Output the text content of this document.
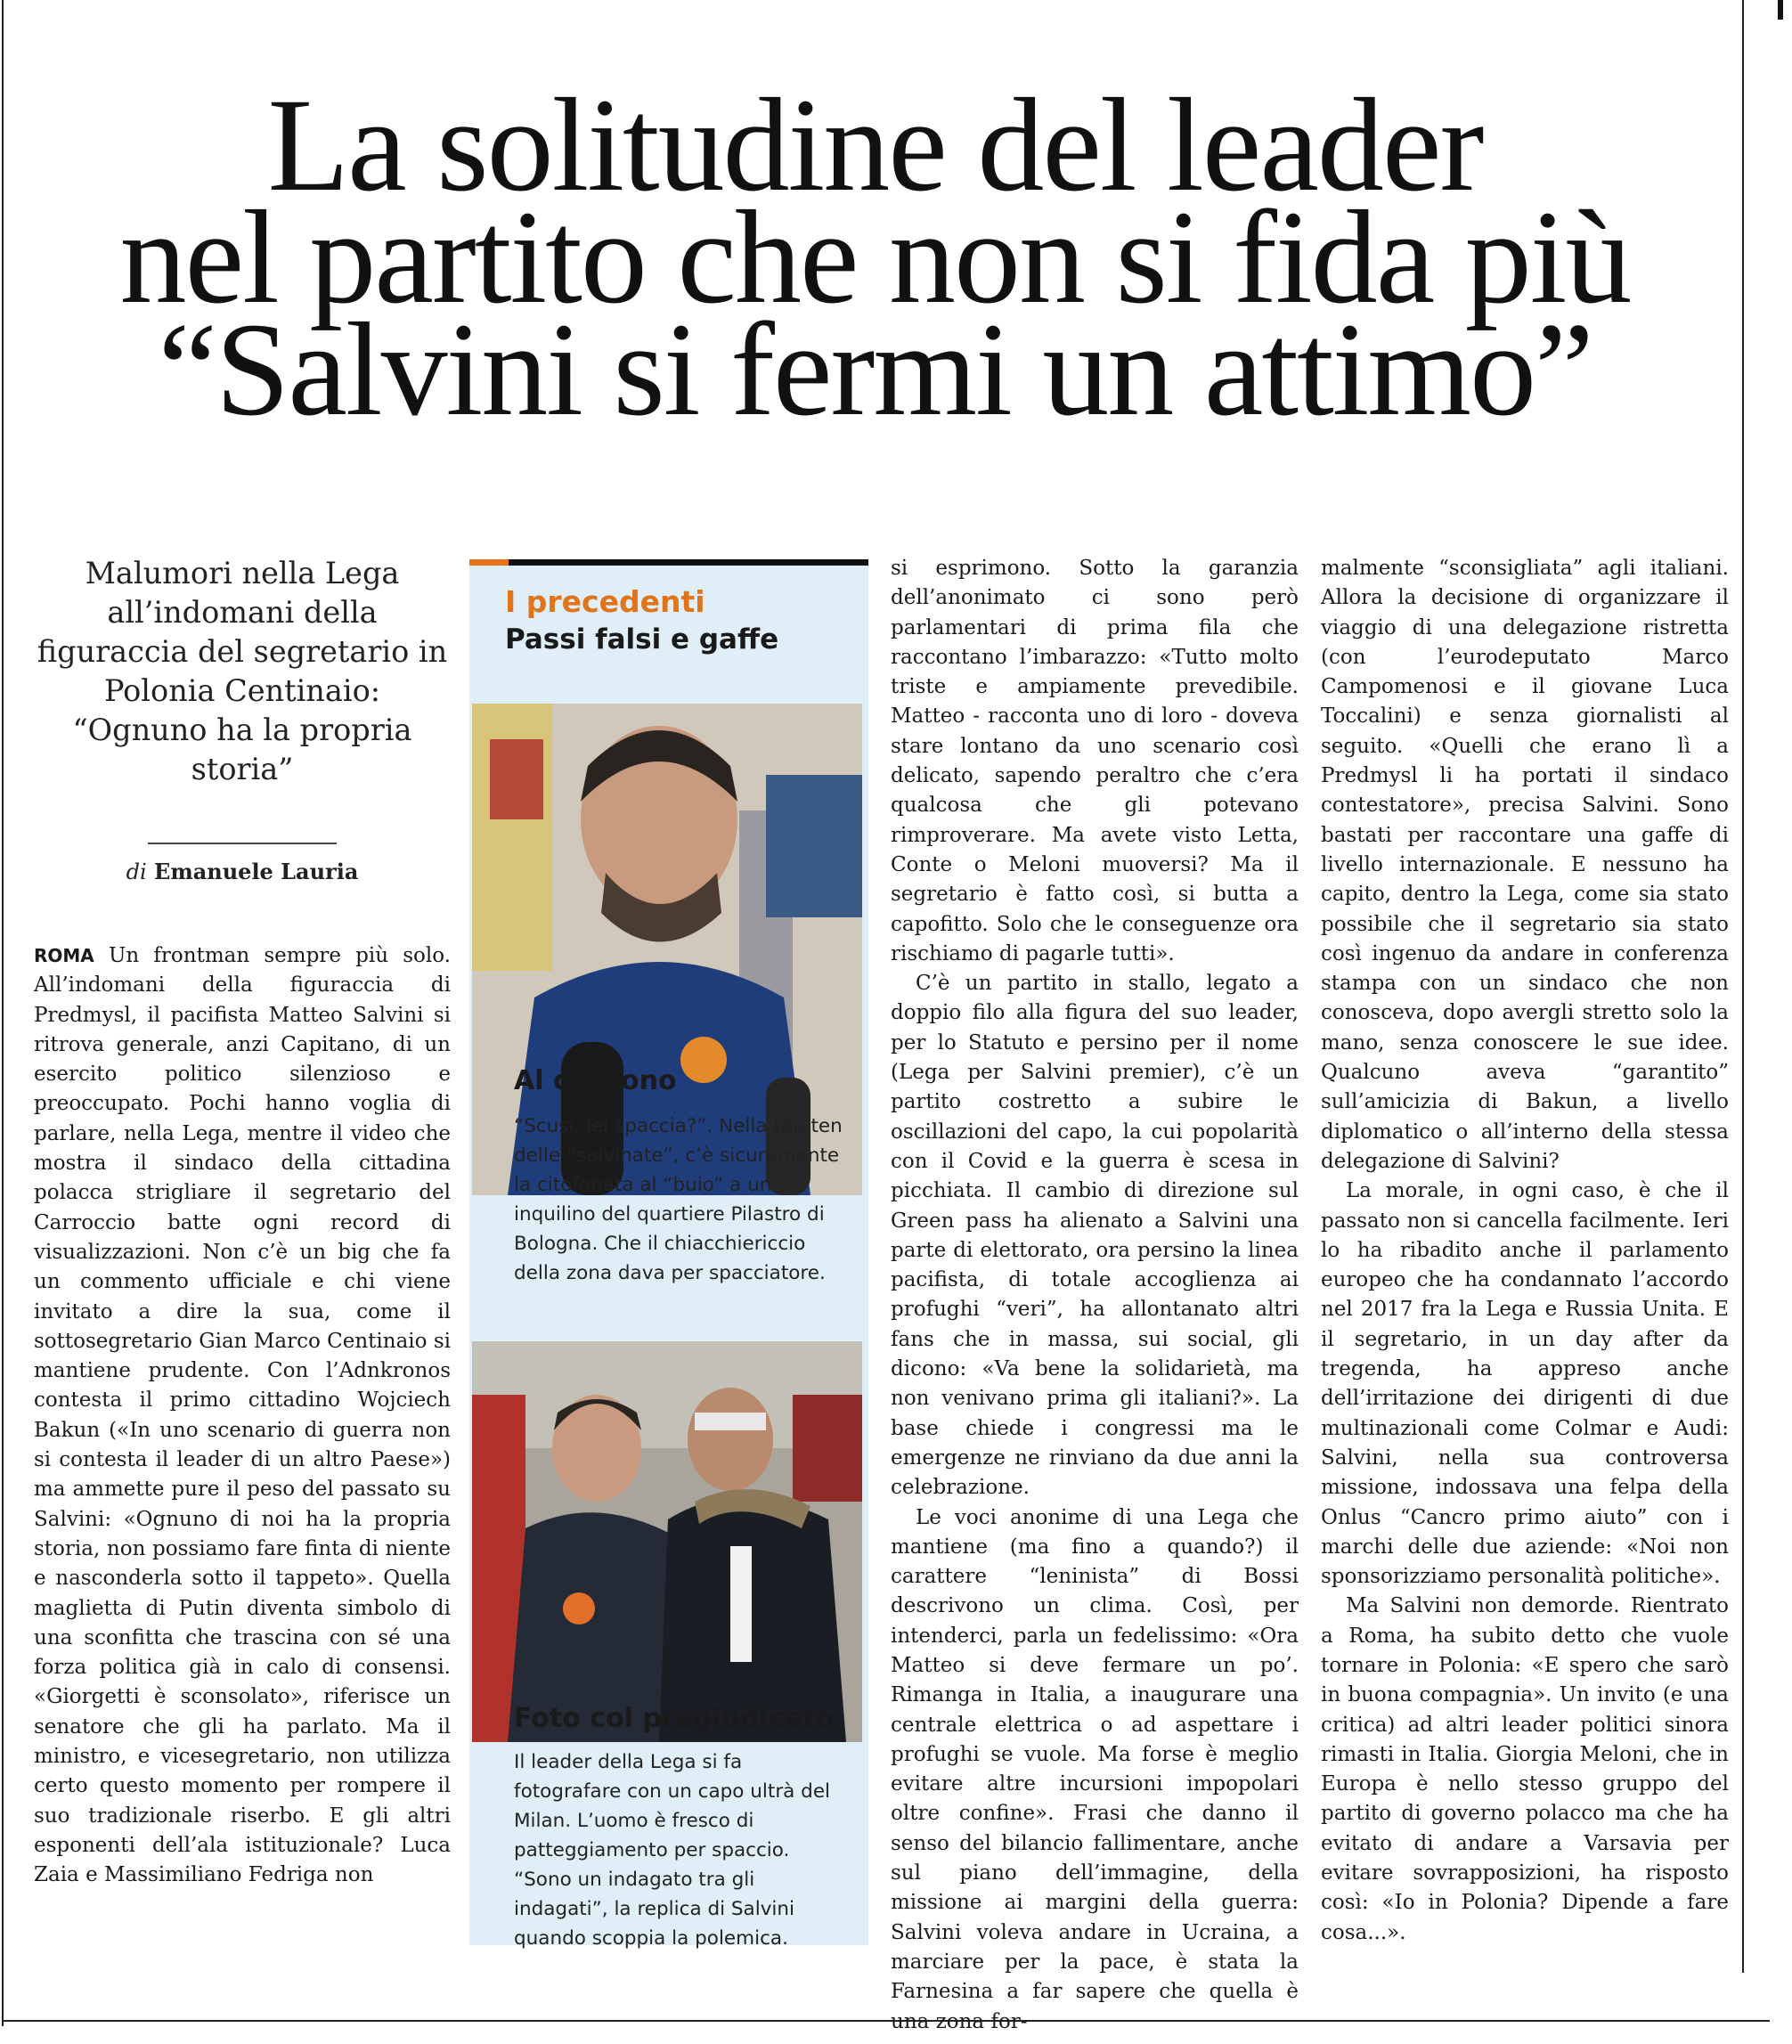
La solitudine del leader
nel partito che non si fida più
“Salvini si fermi un attimo”
Malumori nella Lega all’indomani della figuraccia del segretario in Polonia Centinaio: “Ognuno ha la propria storia”
di Emanuele Lauria

ROMA Un frontman sempre più solo. All’indomani della figuraccia di Predmysl, il pacifista Matteo Salvini si ritrova generale, anzi Capitano, di un esercito politico silenzioso e preoccupato. Pochi hanno voglia di parlare, nella Lega, mentre il video che mostra il sindaco della cittadina polacca strigliare il segretario del Carroccio batte ogni record di visualizzazioni. Non c’è un big che fa un commento ufficiale e chi viene invitato a dire la sua, come il sottosegretario Gian Marco Centinaio si mantiene prudente. Con l’Adnkronos contesta il primo cittadino Wojciech Bakun («In uno scenario di guerra non si contesta il leader di un altro Paese») ma ammette pure il peso del passato su Salvini: «Ognuno di noi ha la propria storia, non possiamo fare finta di niente e nasconderla sotto il tappeto». Quella maglietta di Putin diventa simbolo di una sconfitta che trascina con sé una forza politica già in calo di consensi. «Giorgetti è sconsolato», riferisce un senatore che gli ha parlato. Ma il ministro, e vicesegretario, non utilizza certo questo momento per rompere il suo tradizionale riserbo. E gli altri esponenti dell’ala istituzionale? Luca Zaia e Massimiliano Fedriga non

I precedenti
Passi falsi e gaffe
Al citofono
“Scusi, lei spaccia?”. Nella top ten delle “salvinate”, c’è sicuramente la citofonata al “buio” a un inquilino del quartiere Pilastro di Bologna. Che il chiacchiericcio della zona dava per spacciatore.
Foto col pregiudicato
Il leader della Lega si fa fotografare con un capo ultrà del Milan. L’uomo è fresco di patteggiamento per spaccio. “Sono un indagato tra gli indagati”, la replica di Salvini quando scoppia la polemica.

si esprimono. Sotto la garanzia dell’anonimato ci sono però parlamentari di prima fila che raccontano l’imbarazzo: «Tutto molto triste e ampiamente prevedibile. Matteo - racconta uno di loro - doveva stare lontano da uno scenario così delicato, sapendo peraltro che c’era qualcosa che gli potevano rimproverare. Ma avete visto Letta, Conte o Meloni muoversi? Ma il segretario è fatto così, si butta a capofitto. Solo che le conseguenze ora rischiamo di pagarle tutti».

C’è un partito in stallo, legato a doppio filo alla figura del suo leader, per lo Statuto e persino per il nome (Lega per Salvini premier), c’è un partito costretto a subire le oscillazioni del capo, la cui popolarità con il Covid e la guerra è scesa in picchiata. Il cambio di direzione sul Green pass ha alienato a Salvini una parte di elettorato, ora persino la linea pacifista, di totale accoglienza ai profughi “veri”, ha allontanato altri fans che in massa, sui social, gli dicono: «Va bene la solidarietà, ma non venivano prima gli italiani?». La base chiede i congressi ma le emergenze ne rinviano da due anni la celebrazione.

Le voci anonime di una Lega che mantiene (ma fino a quando?) il carattere “leninista” di Bossi descrivono un clima. Così, per intenderci, parla un fedelissimo: «Ora Matteo si deve fermare un po’. Rimanga in Italia, a inaugurare una centrale elettrica o ad aspettare i profughi se vuole. Ma forse è meglio evitare altre incursioni impopolari oltre confine». Frasi che danno il senso del bilancio fallimentare, anche sul piano dell’immagine, della missione ai margini della guerra: Salvini voleva andare in Ucraina, a marciare per la pace, è stata la Farnesina a far sapere che quella è una zona for-

malmente “sconsigliata” agli italiani. Allora la decisione di organizzare il viaggio di una delegazione ristretta (con l’eurodeputato Marco Campomenosi e il giovane Luca Toccalini) e senza giornalisti al seguito. «Quelli che erano lì a Predmysl li ha portati il sindaco contestatore», precisa Salvini. Sono bastati per raccontare una gaffe di livello internazionale. E nessuno ha capito, dentro la Lega, come sia stato possibile che il segretario sia stato così ingenuo da andare in conferenza stampa con un sindaco che non conosceva, dopo avergli stretto solo la mano, senza conoscere le sue idee. Qualcuno aveva “garantito” sull’amicizia di Bakun, a livello diplomatico o all’interno della stessa delegazione di Salvini?

La morale, in ogni caso, è che il passato non si cancella facilmente. Ieri lo ha ribadito anche il parlamento europeo che ha condannato l’accordo nel 2017 fra la Lega e Russia Unita. E il segretario, in un day after da tregenda, ha appreso anche dell’irritazione dei dirigenti di due multinazionali come Colmar e Audi: Salvini, nella sua controversa missione, indossava una felpa della Onlus “Cancro primo aiuto” con i marchi delle due aziende: «Noi non sponsorizziamo personalità politiche».

Ma Salvini non demorde. Rientrato a Roma, ha subito detto che vuole tornare in Polonia: «E spero che sarò in buona compagnia». Un invito (e una critica) ad altri leader politici sinora rimasti in Italia. Giorgia Meloni, che in Europa è nello stesso gruppo del partito di governo polacco ma che ha evitato di andare a Varsavia per evitare sovrapposizioni, ha risposto così: «Io in Polonia? Dipende a fare cosa...».
